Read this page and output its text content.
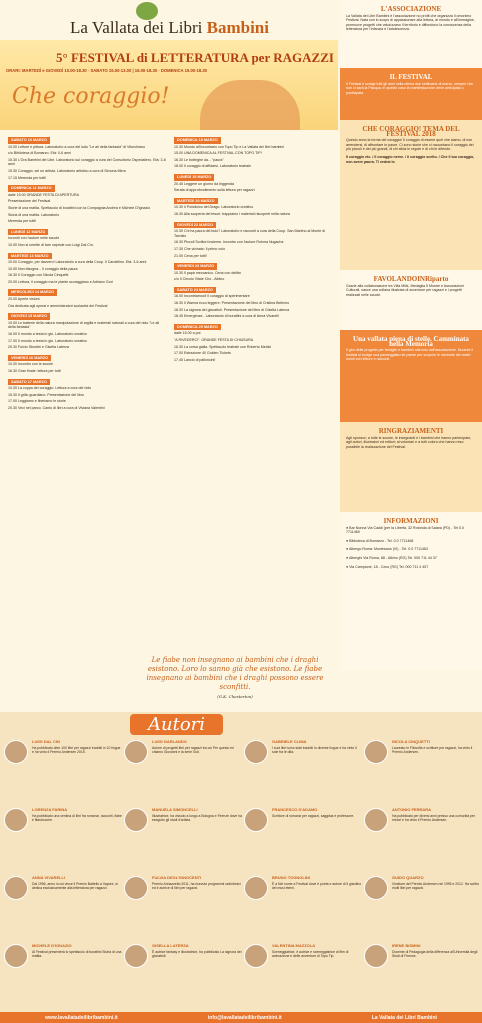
La Vallata dei Libri Bambini
5° FESTIVAL di LETTERATURA per RAGAZZI
ORARI: MARTEDÌ e GIOVEDÌ 10.00-18.30 · SABATO 15.00-13.00 | 15.00-18.30 · DOMENICA 15.00-18.30
Che coraggio!
SABATO 10 MARZO
10.00 Letture e pittura. Laboratorio a cura del ludo "Le ali della fantasia" di Vitorchiano
c/o Biblioteca di Bomarzo. Età: 0-6 anni
15.30 L'Ora Bambini del Libri. Laboratorio sul coraggio a cura del Consultorio Ospedaliero. Età: 3-6 anni
15.30 Coraggio, sei un artista. Laboratorio artistico a cura di Simona Mirra
17.15 Merenda per tutti!
DOMENICA 11 MARZO
dalle 15.00 GRANDE FESTA DI APERTURA
Presentazione del Festival.
Storie di una matita. Spettacolo di burattini con la Compagnia Andrea e Michele D'Ignazio
Storia di una matita. Laboratorio
Merenda per tutti!
LUNEDÌ 12 MARZO
Incontri con l'autore nelle scuole
10.00 Non si smette di fare capriole con Luigi Dal Cin.
MARTEDÌ 13 MARZO
10.00 Coraggio, per davvero! Laboratorio a cura della Coop. Il Cardellino. Età: 3-6 anni
10.00 Non bisogna... Il coraggio della paura
16.30 Il Coraggio con Nicola Cinquetti
20.00 Lettura, il coraggio ma le piante scoraggiano e Adriano Gori
MERCOLEDÌ 14 MARZO
20.00 Aperte visioni.
Ora dedicata agli operai e amministratori scolastici del Festival
GIOVEDÌ 15 MARZO
10.00 Le batterie della natura manipolazione di argilla e materiali naturali a cura del nido "Le ali della fantasia"
16.00 Il mondo a testa in giù. Laboratorio creativo
17.00 Il mondo a testa in giù. Laboratorio creativo
20.30 Fulvio Sbrubbi e Gisella Laterza
VENERDÌ 16 MARZO
10.00 Incontro con le scuole
16.30 Gran finale: lettura per tutti
SABATO 17 MARZO
10.00 La coppa del coraggio. Lettura a cura del nido
15.30 Il grillo guardiano. Presentazione del libro
17.00 Leggiamo e liberiamo le storie
20.30 Veci nel parco. Canto di libri a cura di Viviana Valentini
DOMENICA 18 MARZO
10.30 Mondo all'incontrario con Topo Tip e La Vallata dei libri bambini
15.00 UNA DOMENICA AL FESTIVAL CON TOPO TIP!
16.30 Le botteghe da... "paura"
18.00 Il coraggio di affidarsi. Laboratorio teatrale
LUNEDÌ 19 MARZO
20.45 Leggere un giorno da leggenda
Serata di approfondimento sulla lettura per ragazzi
MARTEDÌ 20 MARZO
10.30 Il Policlinico del Drago. Laboratorio creativo
16.30 Alla scoperta dei tesori: trappiamo i materiali riscoperti nella natura
GIOVEDÌ 22 MARZO
10.30 Chi ha paura del buio? Laboratorio e racconti a cura della Coop. San Martino al Monte di Tarvisio
16.30 Piccoli Scrittori insieme. Incontro con l'autore Rohma Nugacha
17.30 Che vicinato: il primo volo
21.00 Cena per tutti!
VENERDÌ 23 MARZO
10.30 Il papà meccanico. Cena con delitto
c/o Il Circolo Vitale Ciro - Albino
SABATO 24 MARZO
16.00 Incontriamoci! Il coraggio di sperimentare
16.30 Il Wanna ecco leggere. Presentazione del libro di Cristina Bellemo
18.30 La signora dei giocattoli. Presentazione del libro di Gisella Laterza
18.45 Emergenza - Laboratorio di burattini a cura di Anna Vivarelli
DOMENICA 25 MARZO
dalle 15.00 a poi
"A RIVEDERCI". GRANDE FESTA DI CHIUSURA
16.30 La corsa gialla. Spettacolo teatrale con Roberto Medici
17.00 Estrazione 40 Golden Tickets
17.45 Lancio di palloncini!
L'ASSOCIAZIONE
La Vallata dei Libri Bambini è l'associazione no profit che organizza il omonimo Festival. Nata con lo scopo di appassionare alla lettura, al mondo e all'immagine, promuove progetti che valorizzano il territorio e diffondono la conoscenza della letteratura per l'infanzia e l'adolescenza.
IL FESTIVAL
Il Festival è svolge tutti gli anni nella ultima due settimane di marzo, sempre che non ci sarà la Pasqua, in questo caso la manifestazione viene anticipata o posticipata.
CHE CORAGGIO! TEMA DEL FESTIVAL 2018
Questo anno la forma del coraggio! Il coraggio di essere quel che siamo, di non arrendersi, di affrontare le paure. Ci sono storie che ci raccontano il coraggio dei più piccoli e dei più grandi, di chi sfida le regole e di chi le difende.
Il coraggio etc. / Il coraggio nerve. / Il coraggio scelto. / Che il tuo coraggio, non avere paura. Ti vedrai lo
FAVOLANDOINRiparto
Grazie alla collaborazione tra Villa Mills, Medaglia 5 Mostre e Associazioni Culturali, nasce una collana illustrata di avventure per ragazzi e i progetti realizzati nelle scuole.
Una vallata piena di stelle. Camminata nella Memoria
Il giro delle progetto per famiglie e bambini ottenuto dall'associazione. Durante il festival si svolge una passeggiata nel paese per scoprire le memorie dei nostri nonni con letture e racconti.
RINGRAZIAMENTI
Agli sponsor; a tutte le scuole, le insegnanti e i bambini che hanno partecipato; agli autori, illustratori ed editori; ai volontari e a tutti coloro che hanno reso possibile la realizzazione del Festival.
INFORMAZIONI
● Bar Nonna Via Caddi (per la Libertà, 32 Rotonda di Salara (PD) - Tel 0.0 7711469
● Biblioteca di Bomarzo - Tel. 0.0 7711468
● Albergo Roma: Montesano (VI) - Tel. 0.0 7711463
● Alberghi Via Roma, 88 - Albino (RG) Tel. 000 711 44 37
● Via Campione, 18 - Ceco (RG) Tel. 000 711 4 457
Le fiabe non insegnano ai bambini che i draghi esistono. Loro lo sanno già che esistono. Le fiabe insegnano ai bambini che i draghi possono essere sconfitti.
(G.K. Chesterton)
Autori
LUIGI DAL CIN
Ha pubblicato oltre 100 libri per ragazzi tradotti in 10 lingue e ha vinto il Premio Andersen 2015.
LUIGI GARLANDO
Autore di progetti libri per ragazzi tra cui Per questo mi chiamo Giovanni e la serie Gol!.
GABRIELE CLIMA
I suoi libri sono stati tradotti in diverse lingue e ha vinto Il sole fra le dita.
NICOLA CINQUETTI
Laureato in Filosofia e scrittore per ragazzi, ha vinto il Premio Andersen.
LORENZA FARINA
Ha pubblicato una ventina di libri fra romanzi, racconti, fiabe e filastrocche.
MANUELA SIMONCELLI
Illustratrice, ha vissuto a lungo a Bologna e Firenze dove ha eseguito gli studi d'artista.
FRANCESCO D'ADAMO
Scrittore di romanzi per ragazzi, saggista e professore.
ANTONIO FERRARA
Ha pubblicato per diversi anni presso una comunità per minori e ha vinto il Premio Andersen.
ANNA VIVARELLI
Dal 1996, anno in cui vince il Premio Battello a Vapore, si dedica esclusivamente alla letteratura per ragazzi.
FULVIA DEGL'INNOCENTI
Premio Annazzetto 2011, ha ricevuto programmi radiofonici ed è autrice di libri per ragazzi.
BRUNO TOGNOLINI
È a Nel nome a Festival dove è poeta e autore di Il giardino dei musi eterni.
GUIDO QUARZO
Vincitore del Premio Andersen nel 1995 e 2012. Ha scritto molti libri per ragazzi.
MICHELE D'IGNAZIO
Al Festival presenterà lo spettacolo di burattini Storia di una matita.
GISELLA LATERZA
È autrice fantasy e illustratrice, ha pubblicato La signora dei giocattoli.
VALENTINA MAZZOLA
Sceneggiatrice, è autrice e sceneggiatrice di film di animazione e delle avventure di Topo Tip.
IRENE BISMINI
Docente di Pedagogia della differenza all'Università degli Studi di Firenze.
www.lavallatadeilibribambini.it	info@lavallatadeilibribambini.it	La Vallata dei Libri Bambini
